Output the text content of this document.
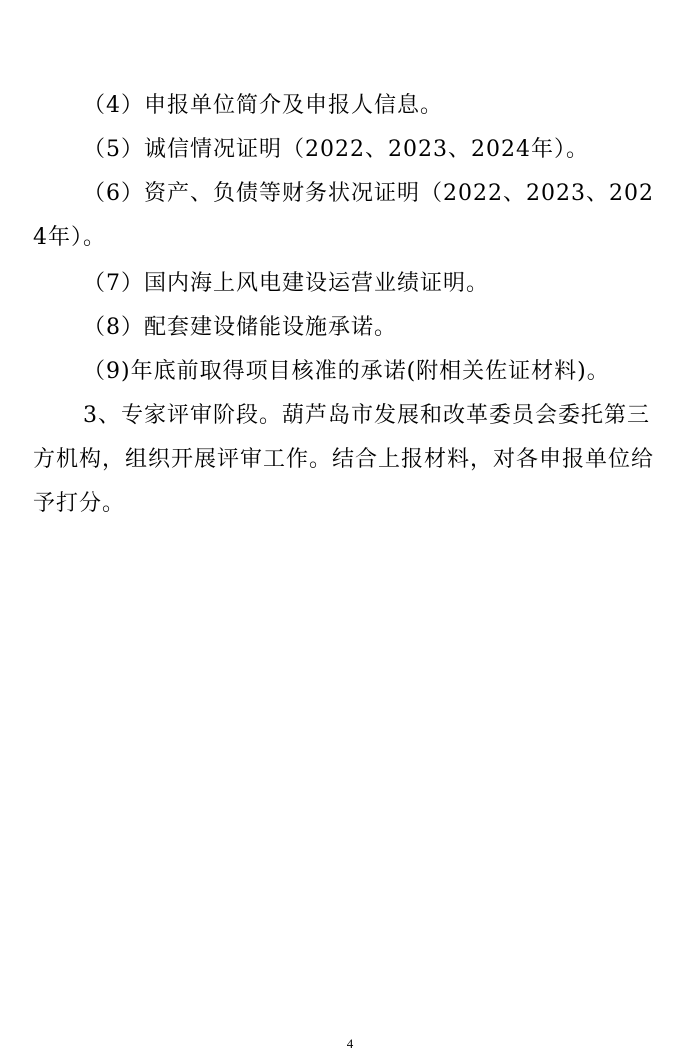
（4）申报单位简介及申报人信息。

（5）诚信情况证明（2022、2023、2024年）。

（6）资产、负债等财务状况证明（2022、2023、2024年）。

（7）国内海上风电建设运营业绩证明。

（8）配套建设储能设施承诺。

（9)年底前取得项目核准的承诺(附相关佐证材料)。

3、专家评审阶段。葫芦岛市发展和改革委员会委托第三方机构，组织开展评审工作。结合上报材料，对各申报单位给予打分。

4
